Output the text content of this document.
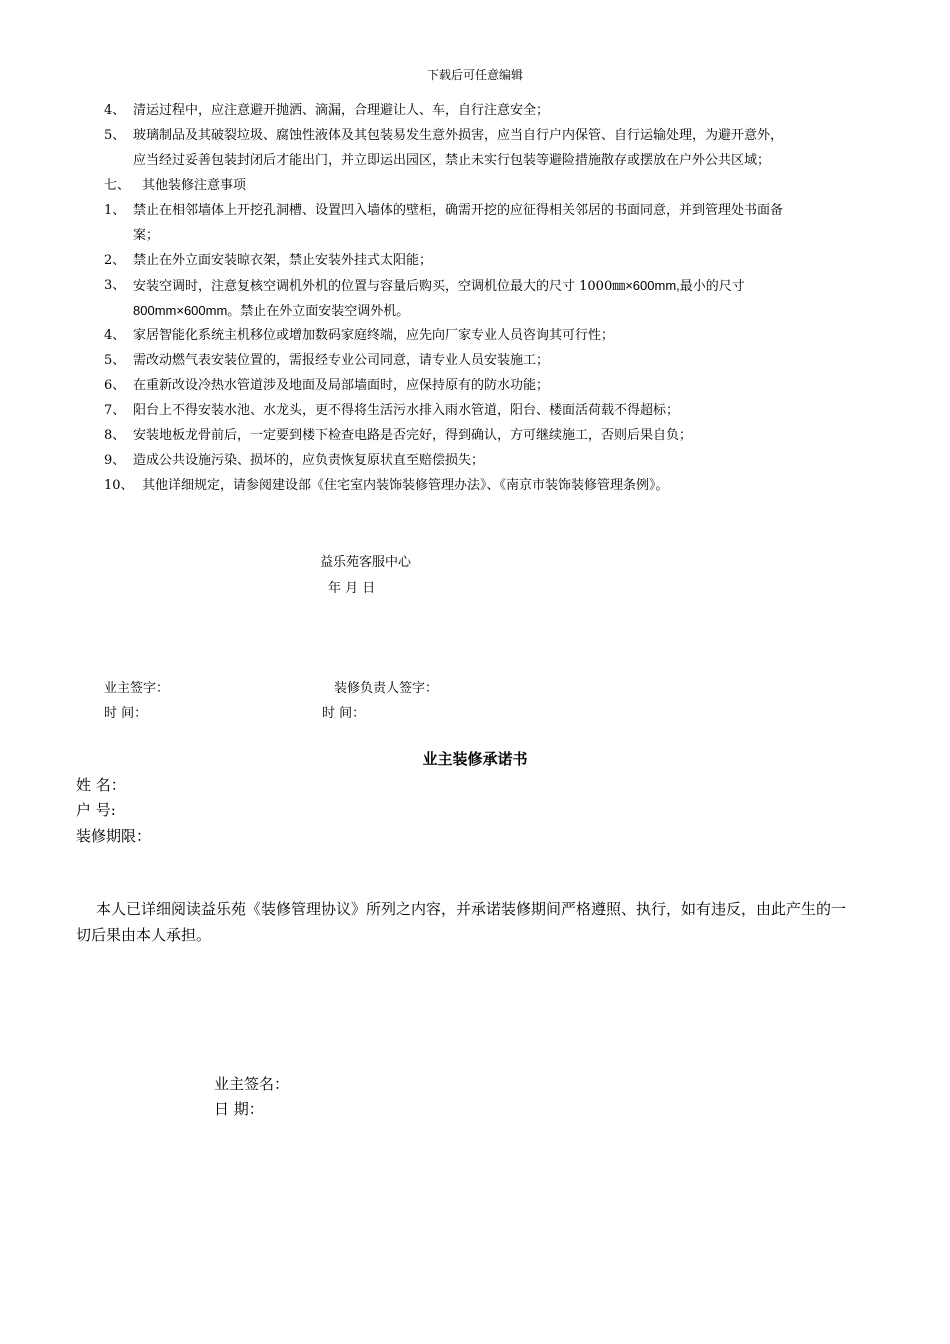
下载后可任意编辑
4、 清运过程中，应注意避开抛洒、滴漏，合理避让人、车，自行注意安全；
5、 玻璃制品及其破裂垃圾、腐蚀性液体及其包装易发生意外损害，应当自行户内保管、自行运输处理，为避开意外，
应当经过妥善包装封闭后才能出门，并立即运出园区，禁止未实行包装等避险措施散存或摆放在户外公共区域；
七、 其他装修注意事项
1、 禁止在相邻墙体上开挖孔洞槽、设置凹入墙体的壁柜，确需开挖的应征得相关邻居的书面同意，并到管理处书面备
案；
2、 禁止在外立面安装晾衣架，禁止安装外挂式太阳能；
3、 安装空调时，注意复核空调机外机的位置与容量后购买，空调机位最大的尺寸 1000㎜×600mm,最小的尺寸
800mm×600mm。禁止在外立面安装空调外机。
4、 家居智能化系统主机移位或增加数码家庭终端，应先向厂家专业人员咨询其可行性；
5、 需改动燃气表安装位置的，需报经专业公司同意，请专业人员安装施工；
6、 在重新改设冷热水管道涉及地面及局部墙面时，应保持原有的防水功能；
7、 阳台上不得安装水池、水龙头，更不得将生活污水排入雨水管道，阳台、楼面活荷载不得超标；
8、 安装地板龙骨前后，一定要到楼下检查电路是否完好，得到确认，方可继续施工，否则后果自负；
9、 造成公共设施污染、损坏的，应负责恢复原状直至赔偿损失；
10、 其他详细规定，请参阅建设部《住宅室内装饰装修管理办法》、《南京市装饰装修管理条例》。
益乐苑客服中心
年 月 日
业主签字：	装修负责人签字：
时 间：	时 间：
业主装修承诺书
姓 名：
户 号:
装修期限：
本人已详细阅读益乐苑《装修管理协议》所列之内容，并承诺装修期间严格遵照、执行，如有违反，由此产生的一切后果由本人承担。
业主签名：
日 期：
